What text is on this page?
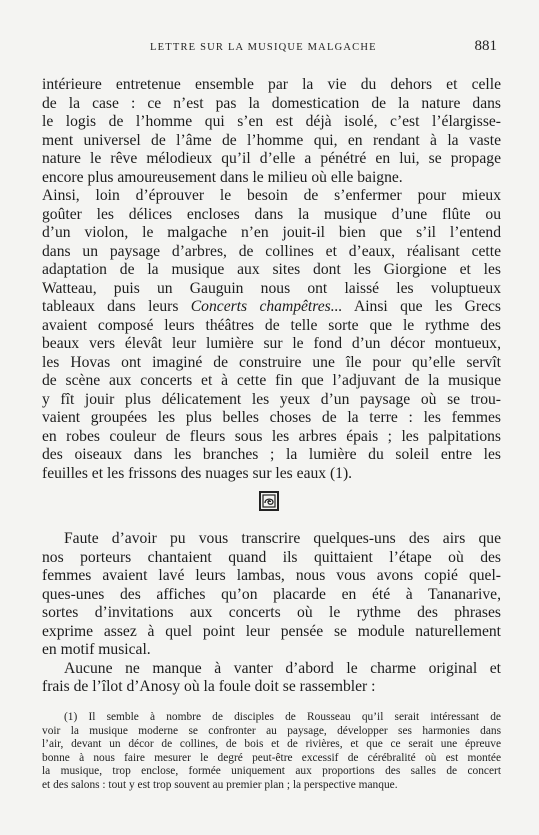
LETTRE SUR LA MUSIQUE MALGACHE	881
intérieure entretenue ensemble par la vie du dehors et celle
de la case : ce n’est pas la domestication de la nature dans
le logis de l’homme qui s’en est déjà isolé, c’est l’élargisse-
ment universel de l’âme de l’homme qui, en rendant à la vaste
nature le rêve mélodieux qu’il d’elle a pénétré en lui, se propage
encore plus amoureusement dans le milieu où elle baigne.
Ainsi, loin d’éprouver le besoin de s’enfermer pour mieux
goûter les délices encloses dans la musique d’une flûte ou
d’un violon, le malgache n’en jouit-il bien que s’il l’entend
dans un paysage d’arbres, de collines et d’eaux, réalisant cette
adaptation de la musique aux sites dont les Giorgione et les
Watteau, puis un Gauguin nous ont laissé les voluptueux
tableaux dans leurs Concerts champêtres... Ainsi que les Grecs
avaient composé leurs théâtres de telle sorte que le rythme des
beaux vers élevât leur lumière sur le fond d’un décor montueux,
les Hovas ont imaginé de construire une île pour qu’elle servît
de scène aux concerts et à cette fin que l’adjuvant de la musique
y fît jouir plus délicatement les yeux d’un paysage où se trou-
vaient groupées les plus belles choses de la terre : les femmes
en robes couleur de fleurs sous les arbres épais ; les palpitations
des oiseaux dans les branches ; la lumière du soleil entre les
feuilles et les frissons des nuages sur les eaux (1).
Faute d’avoir pu vous transcrire quelques-uns des airs que
nos porteurs chantaient quand ils quittaient l’étape où des
femmes avaient lavé leurs lambas, nous vous avons copié quel-
ques-unes des affiches qu’on placarde en été à Tananarive,
sortes d’invitations aux concerts où le rythme des phrases
exprime assez à quel point leur pensée se module naturellement
en motif musical.
Aucune ne manque à vanter d’abord le charme original et
frais de l’îlot d’Anosy où la foule doit se rassembler :
(1) Il semble à nombre de disciples de Rousseau qu’il serait intéressant de
voir la musique moderne se confronter au paysage, développer ses harmonies dans
l’air, devant un décor de collines, de bois et de rivières, et que ce serait une épreuve
bonne à nous faire mesurer le degré peut-être excessif de cérébralité où est montée
la musique, trop enclose, formée uniquement aux proportions des salles de concert
et des salons : tout y est trop souvent au premier plan ; la perspective manque.
